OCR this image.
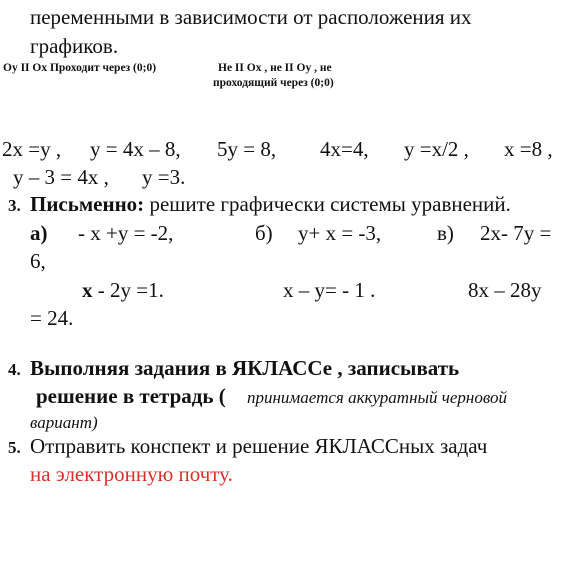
переменными в зависимости от расположения их
графиков.
Oy II Ox Проходит через (0;0)	Не II Ox , не II Oy , не
проходящий через (0;0)
2x =y , y = 4x – 8, 5y = 8, 4x=4, y =x/2 , x =8 ,
y – 3 = 4x , y =3.
3. Письменно: решите графически системы уравнений.
а) - x +y = -2,	б) y+ x = -3,	в) 2x- 7y =
6,
x - 2y =1.	x – y= - 1 .	8x – 28y
= 24.
4. Выполняя задания в ЯКЛАССе , записывать
решение в тетрадь ( принимается аккуратный черновой
вариант)
5. Отправить конспект и решение ЯКЛАССных задач
на электронную почту.
